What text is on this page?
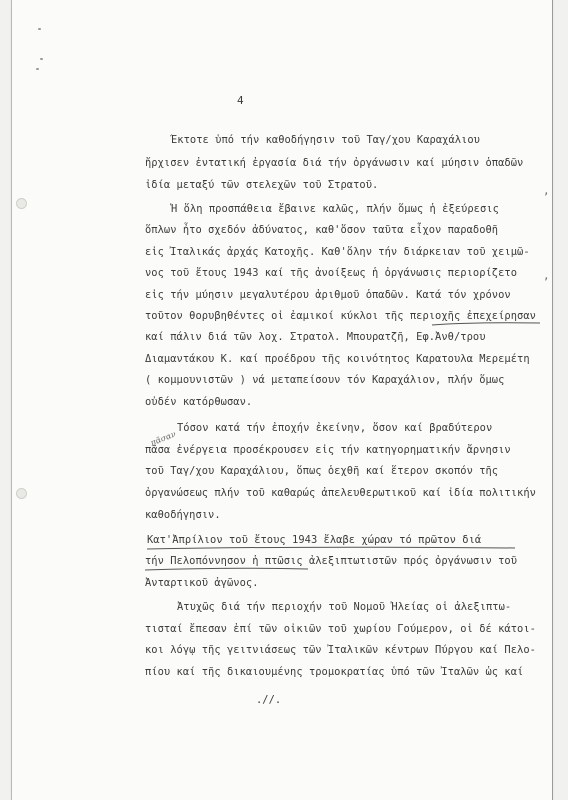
4
Έκτοτε ὑπό τήν καθοδήγησιν τοῦ Ταγ/χου Καραχάλιου
ἤρχισεν ἐντατική ἐργασία διά τήν ὀργάνωσιν καί μύησιν ὁπαδῶν
ἰδία μεταξύ τῶν στελεχῶν τοῦ Στρατοῦ.
Ἡ ὅλη προσπάθεια ἔβαινε καλῶς, πλήν ὅμως ἡ ἐξεύρεσις
ὅπλων ἦτο σχεδόν ἀδύνατος, καθ'ὅσον ταῦτα εἶχον παραδοθῆ
εἰς Ἰταλικάς ἀρχάς Κατοχῆς. Καθ'ὅλην τήν διάρκειαν τοῦ χειμῶ-
νος τοῦ ἔτους 1943 καί τῆς ἀνοίξεως ἡ ὀργάνωσις περιορίζετο
εἰς τήν μύησιν μεγαλυτέρου ἀριθμοῦ ὁπαδῶν. Κατά τόν χρόνον
τοῦτον θορυβηθέντες οἱ ἐαμικοί κύκλοι τῆς περιοχῆς ἐπεχείρησαν
καί πάλιν διά τῶν λοχ. Στρατολ. Μπουρατζῆ, Εφ.Ἀνθ/τρου
Διαμαντάκου Κ. καί προέδρου τῆς κοινότητος Καρατουλα Μερεμέτη
( κομμουνιστῶν ) νά μεταπείσουν τόν Καραχάλιον, πλήν ὅμως
οὐδέν κατόρθωσαν.
Τόσον κατά τήν ἐποχήν ἐκείνην, ὅσον καί βραδύτερον
πᾶσα ἐνέργεια προσέκρουσεν εἰς τήν κατηγορηματικήν ἄρνησιν
τοῦ Ταγ/χου Καραχάλιου, ὅπως ὁεχθῆ καί ἕτερον σκοπόν τῆς
ὀργανώσεως πλήν τοῦ καθαρώς ἀπελευθερωτικοῦ καί ἰδία πολιτικήν
καθοδήγησιν.
Κατ'Ἀπρίλιον τοῦ ἔτους 1943 ἔλαβε χώραν τό πρῶτον διά
τήν Πελοπόννησον ἡ πτῶσις ἀλεξιπτωτιστῶν πρός ὀργάνωσιν τοῦ
Ἀνταρτικοῦ ἀγῶνος.
Ἀτυχῶς διά τήν περιοχήν τοῦ Νομοῦ Ἠλείας οἱ ἀλεξιπτω-
τισταί ἔπεσαν ἐπί τῶν οἰκιῶν τοῦ χωρίου Γούμερον, οἱ δέ κάτοι-
κοι λόγῳ τῆς γειτνιάσεως τῶν Ἰταλικῶν κέντρων Πύργου καί Πελο-
πίου καί τῆς δικαιουμένης τρομοκρατίας ὑπό τῶν Ἰταλῶν ὡς καί
.//.
,
,
πᾶσαν
